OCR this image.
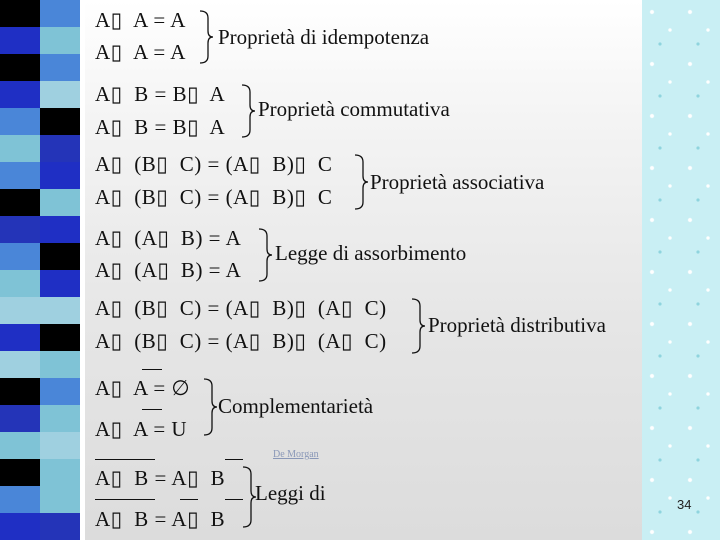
A▯  A = A
A▯  A = A
Proprietà di idempotenza
A▯  B = B▯  A
A▯  B = B▯  A
Proprietà commutativa
A▯  (B▯  C) = (A▯  B)▯  C
A▯  (B▯  C) = (A▯  B)▯  C
Proprietà associativa
A▯  (A▯  B) = A
A▯  (A▯  B) = A
Legge di assorbimento
A▯  (B▯  C) = (A▯  B)▯  (A▯  C)
A▯  (B▯  C) = (A▯  B)▯  (A▯  C)
Proprietà distributiva
A▯  A = ∅
A▯  A = U
Complementarietà
De Morgan
A▯  B = A▯  B
A▯  B = A▯  B
Leggi di	34
